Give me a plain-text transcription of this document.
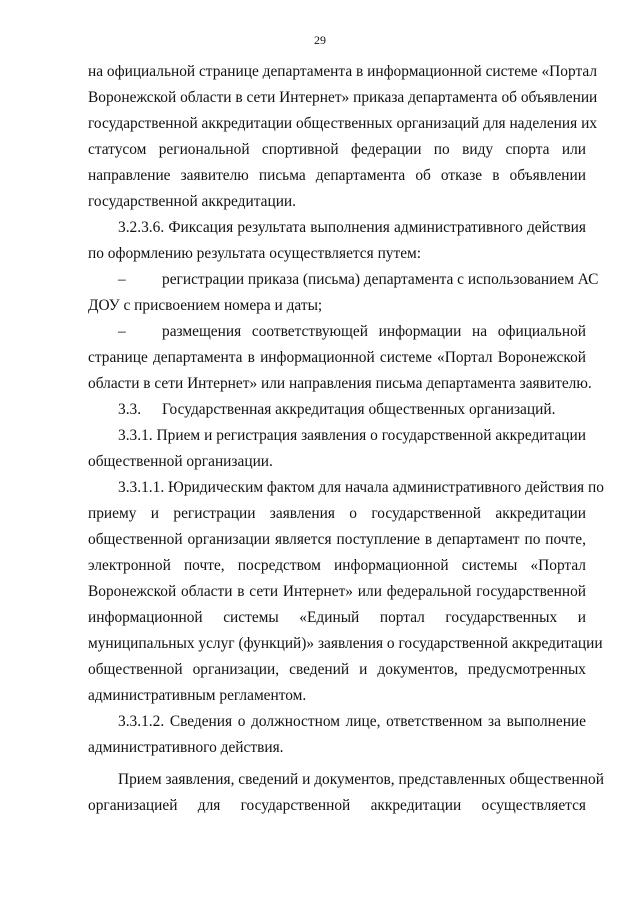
29
на официальной странице департамента в информационной системе «Портал
Воронежской области в сети Интернет» приказа департамента об объявлении
государственной аккредитации общественных организаций для наделения их
статусом региональной спортивной федерации по виду спорта или
направление заявителю письма департамента об отказе в объявлении
государственной аккредитации.
3.2.3.6. Фиксация результата выполнения административного действия
по оформлению результата осуществляется путем:
– регистрации приказа (письма) департамента с использованием АС
ДОУ с присвоением номера и даты;
– размещения соответствующей информации на официальной
странице департамента в информационной системе «Портал Воронежской
области в сети Интернет» или направления письма департамента заявителю.
3.3.	Государственная аккредитация общественных организаций.
3.3.1. Прием и регистрация заявления о государственной аккредитации
общественной организации.
3.3.1.1. Юридическим фактом для начала административного действия по
приему и регистрации заявления о государственной аккредитации
общественной организации является поступление в департамент по почте,
электронной почте, посредством информационной системы «Портал
Воронежской области в сети Интернет» или федеральной государственной
информационной системы «Единый портал государственных и
муниципальных услуг (функций)» заявления о государственной аккредитации
общественной организации, сведений и документов, предусмотренных
административным регламентом.
3.3.1.2. Сведения о должностном лице, ответственном за выполнение
административного действия.
Прием заявления, сведений и документов, представленных общественной
организацией для государственной аккредитации осуществляется
